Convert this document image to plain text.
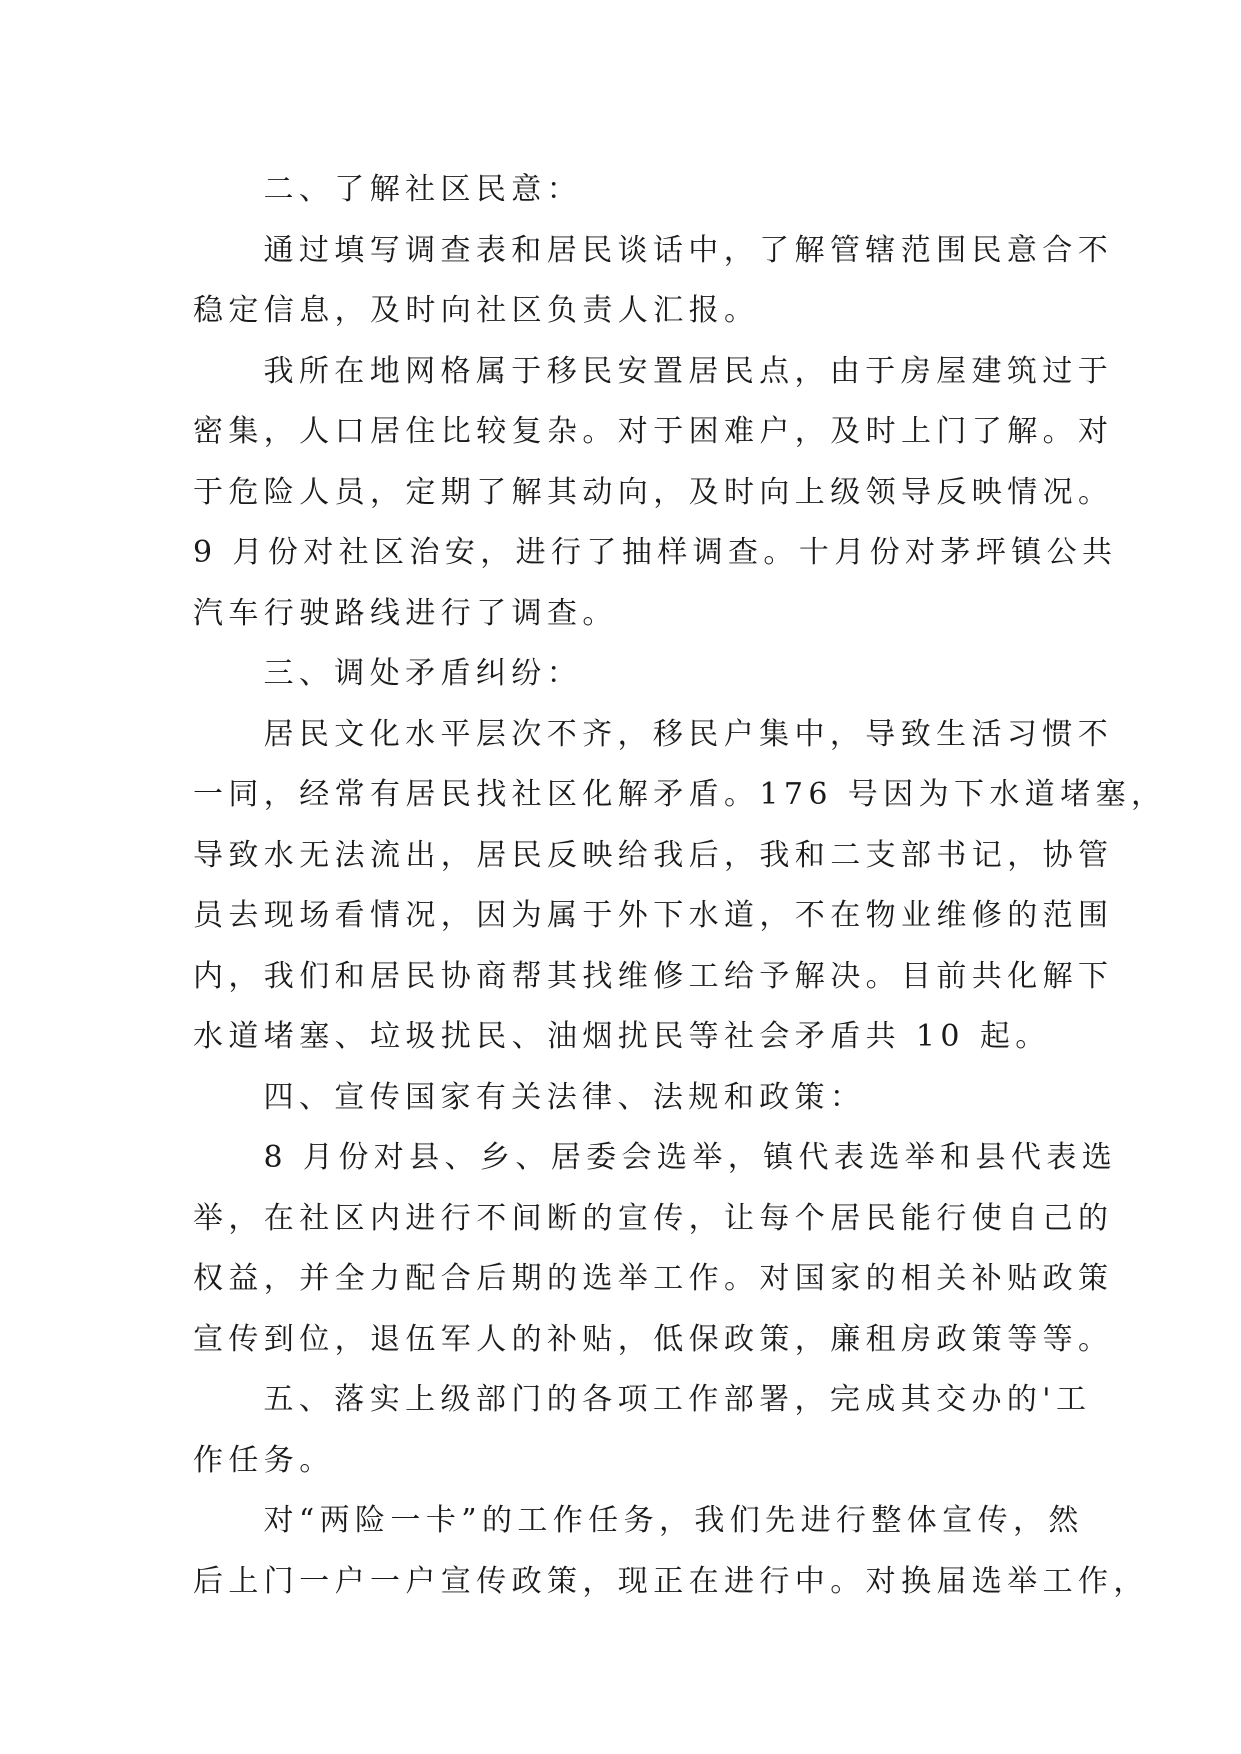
二、了解社区民意：
通过填写调查表和居民谈话中，了解管辖范围民意合不
稳定信息，及时向社区负责人汇报。
我所在地网格属于移民安置居民点，由于房屋建筑过于
密集，人口居住比较复杂。对于困难户，及时上门了解。对
于危险人员，定期了解其动向，及时向上级领导反映情况。
9 月份对社区治安，进行了抽样调查。十月份对茅坪镇公共
汽车行驶路线进行了调查。
三、调处矛盾纠纷：
居民文化水平层次不齐，移民户集中，导致生活习惯不
一同，经常有居民找社区化解矛盾。176 号因为下水道堵塞，
导致水无法流出，居民反映给我后，我和二支部书记，协管
员去现场看情况，因为属于外下水道，不在物业维修的范围
内，我们和居民协商帮其找维修工给予解决。目前共化解下
水道堵塞、垃圾扰民、油烟扰民等社会矛盾共 10 起。
四、宣传国家有关法律、法规和政策：
8 月份对县、乡、居委会选举，镇代表选举和县代表选
举，在社区内进行不间断的宣传，让每个居民能行使自己的
权益，并全力配合后期的选举工作。对国家的相关补贴政策
宣传到位，退伍军人的补贴，低保政策，廉租房政策等等。
五、落实上级部门的各项工作部署，完成其交办的'工
作任务。
对“两险一卡”的工作任务，我们先进行整体宣传，然
后上门一户一户宣传政策，现正在进行中。对换届选举工作，
